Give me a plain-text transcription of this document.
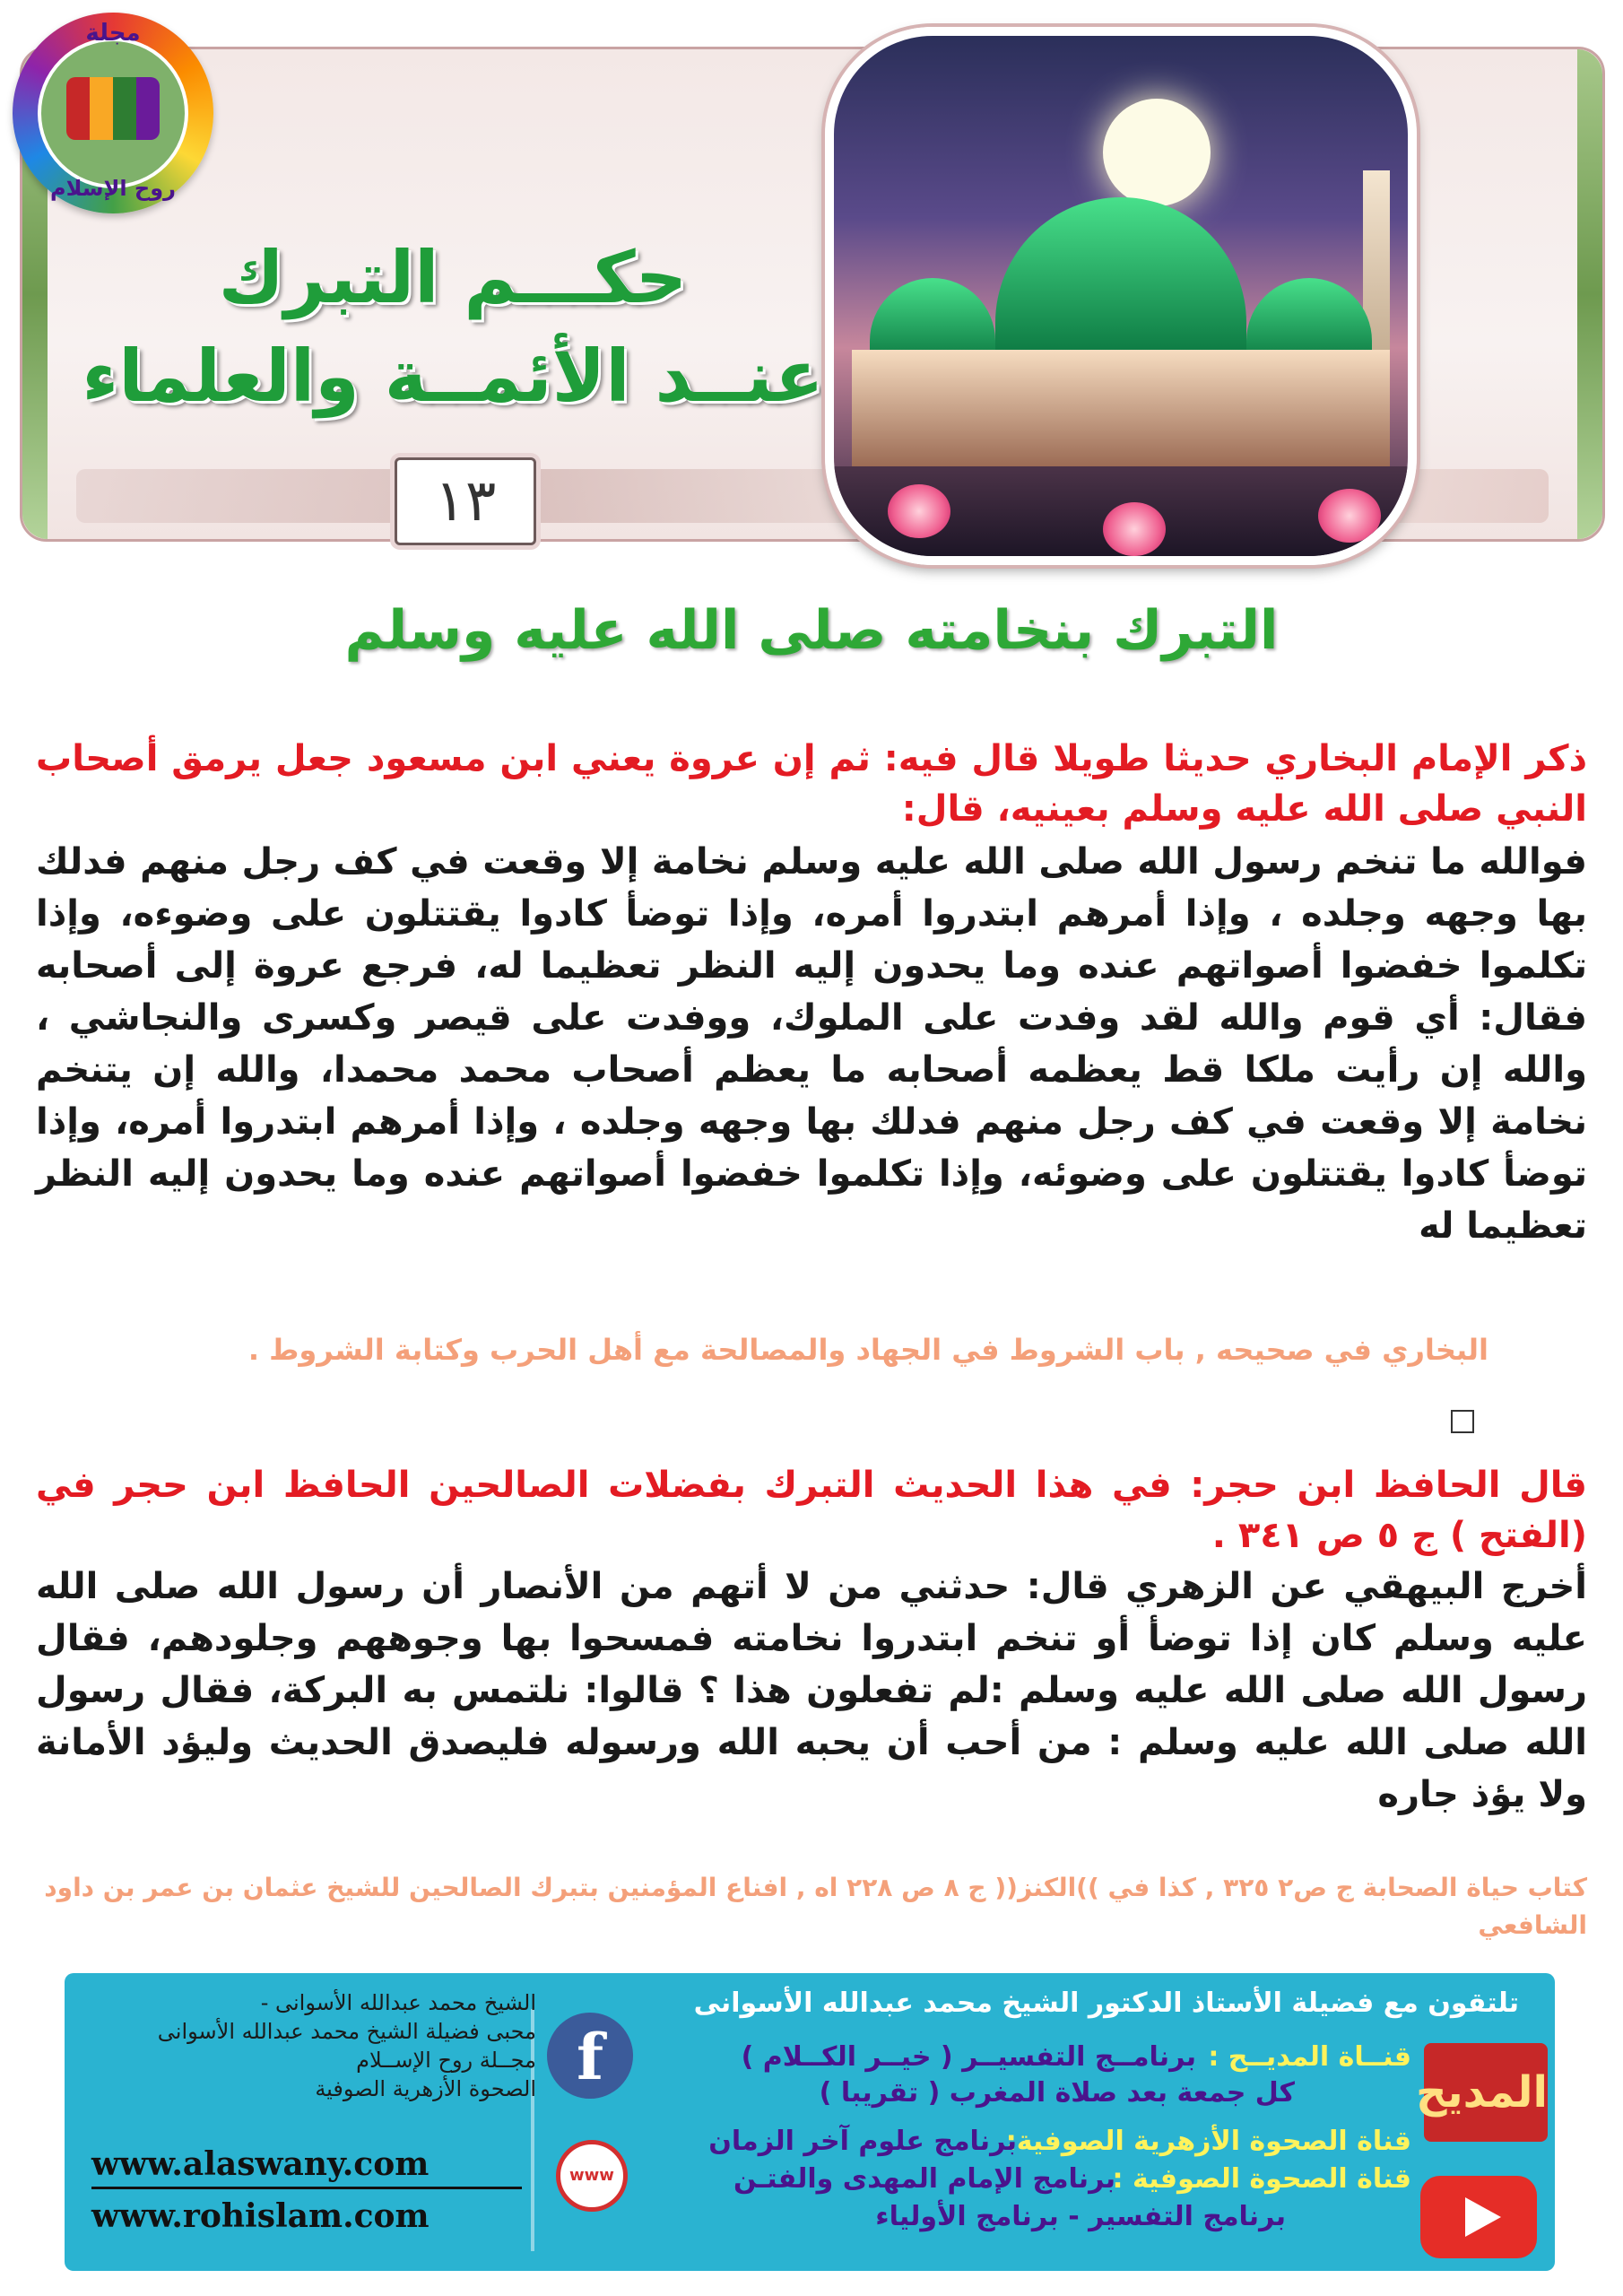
حكـــم التبرك
عنــد الأئمــة والعلماء
مجلة
روح الإسلام
١٣
التبرك بنخامته صلى الله عليه وسلم
ذكر الإمام البخاري حديثا طويلا قال فيه: ثم إن عروة يعني ابن مسعود جعل يرمق أصحاب النبي صلى الله عليه وسلم بعينيه، قال:
فوالله ما تنخم رسول الله صلى الله عليه وسلم نخامة إلا وقعت في كف رجل منهم فدلك بها وجهه وجلده ، وإذا أمرهم ابتدروا أمره، وإذا توضأ كادوا يقتتلون على وضوءه، وإذا تكلموا خفضوا أصواتهم عنده وما يحدون إليه النظر تعظيما له، فرجع عروة إلى أصحابه فقال: أي قوم والله لقد وفدت على الملوك، ووفدت على قيصر وكسرى والنجاشي ، والله إن رأيت ملكا قط يعظمه أصحابه ما يعظم أصحاب محمد محمدا، والله إن يتنخم نخامة إلا وقعت في كف رجل منهم فدلك بها وجهه وجلده ، وإذا أمرهم ابتدروا أمره، وإذا توضأ كادوا يقتتلون على وضوئه، وإذا تكلموا خفضوا أصواتهم عنده وما يحدون إليه النظر تعظيما له
البخاري في صحيحه , باب الشروط في الجهاد والمصالحة مع أهل الحرب وكتابة الشروط .
قال الحافظ ابن حجر: في هذا الحديث التبرك بفضلات الصالحين الحافظ ابن حجر في (الفتح ) ج ٥ ص ٣٤١ .
أخرج البيهقي عن الزهري قال: حدثني من لا أتهم من الأنصار أن رسول الله صلى الله عليه وسلم كان إذا توضأ أو تنخم ابتدروا نخامته فمسحوا بها وجوههم وجلودهم، فقال رسول الله صلى الله عليه وسلم :لم تفعلون هذا ؟ قالوا: نلتمس به البركة، فقال رسول الله صلى الله عليه وسلم : من أحب أن يحبه الله ورسوله فليصدق الحديث وليؤد الأمانة ولا يؤذ جاره
كتاب حياة الصحابة ج ص٢ ٣٢٥ , كذا في ))الكنز(( ج ٨ ص ٢٢٨ اه , افناع المؤمنين بتبرك الصالحين للشيخ عثمان بن عمر بن داود الشافعي
الشيخ محمد عبدالله الأسوانى -
محبى فضيلة الشيخ محمد عبدالله الأسوانى
مجــلة روح الإســلام
الصحوة الأزهرية الصوفية f
www
www.alaswany.com
www.rohislam.com
تلتقون مع فضيلة الأستاذ الدكتور الشيخ محمد عبدالله الأسوانى
المديح
قنــاة المديــح :
برنامــج التفسيــر ( خيــر الكــلام )
كل جمعة بعد صلاة المغرب ( تقريبا )
قناة الصحوة الأزهرية الصوفية:
برنامج علوم آخر الزمان
قناة الصحوة الصوفية :
برنامج الإمام المهدى والفتـن
برنامج التفسير - برنامج الأولياء
